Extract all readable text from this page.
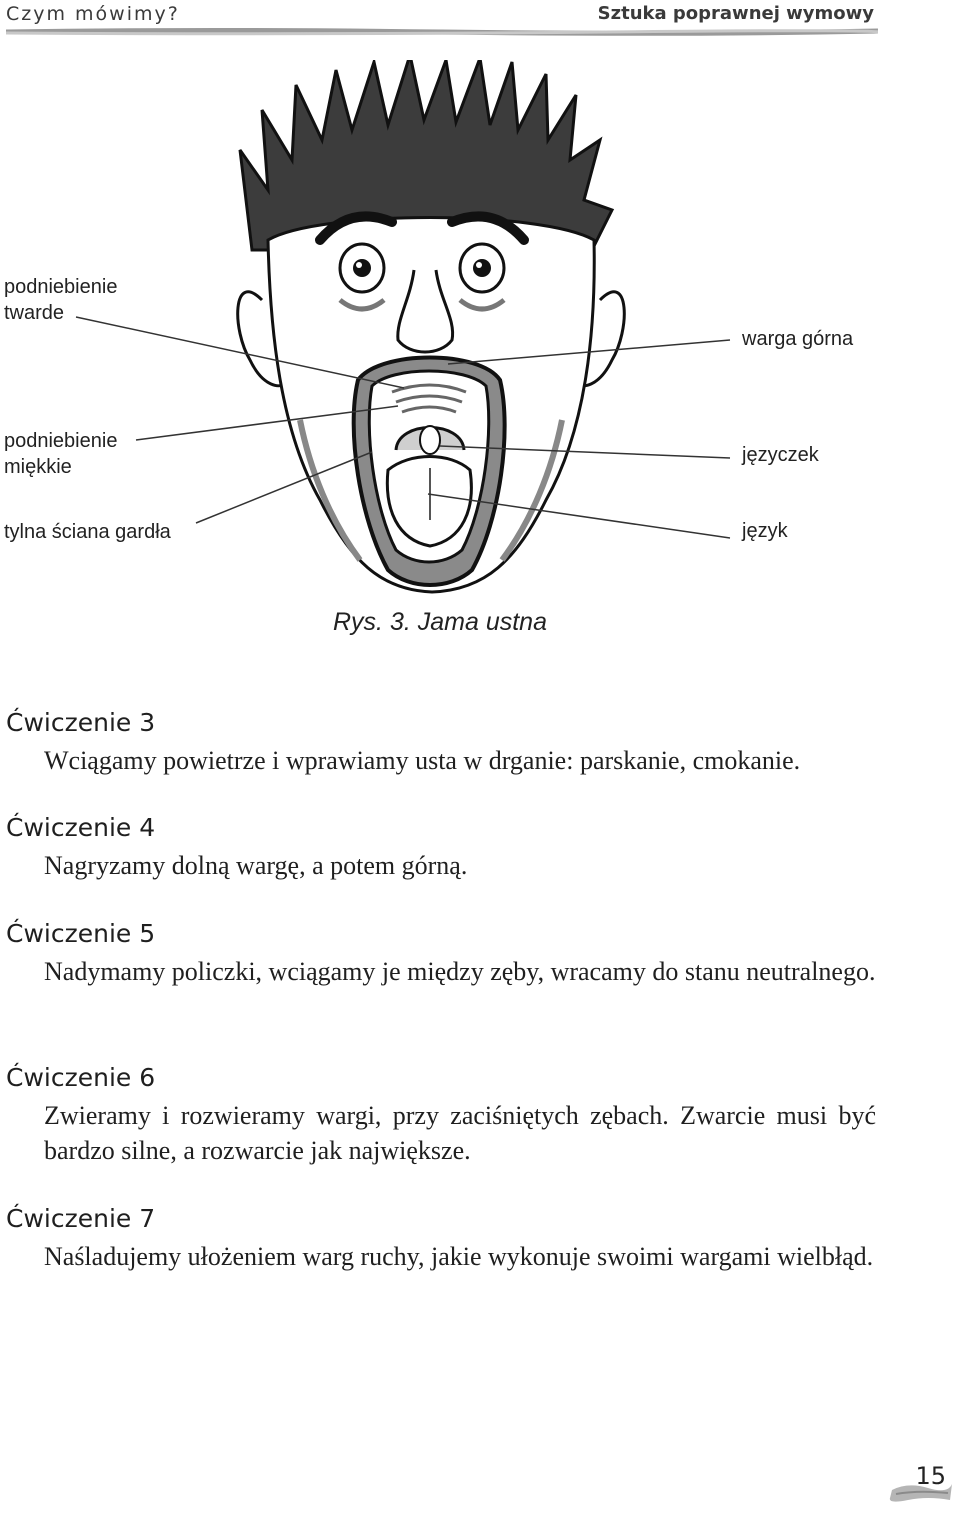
Czym mówimy?	Sztuka poprawnej wymowy
podniebienie
twarde
podniebienie
miękkie
tylna ściana gardła
warga górna
języczek
język
Rys. 3. Jama ustna
Ćwiczenie 3

Wciągamy powietrze i wprawiamy usta w drganie: parskanie, cmokanie.

Ćwiczenie 4

Nagryzamy dolną wargę, a potem górną.

Ćwiczenie 5

Nadymamy policzki, wciągamy je między zęby, wracamy do stanu neutralnego.

Ćwiczenie 6

Zwieramy i rozwieramy wargi, przy zaciśniętych zębach. Zwarcie musi być bardzo silne, a rozwarcie jak największe.

Ćwiczenie 7

Naśladujemy ułożeniem warg ruchy, jakie wykonuje swoimi wargami wielbłąd.

15
